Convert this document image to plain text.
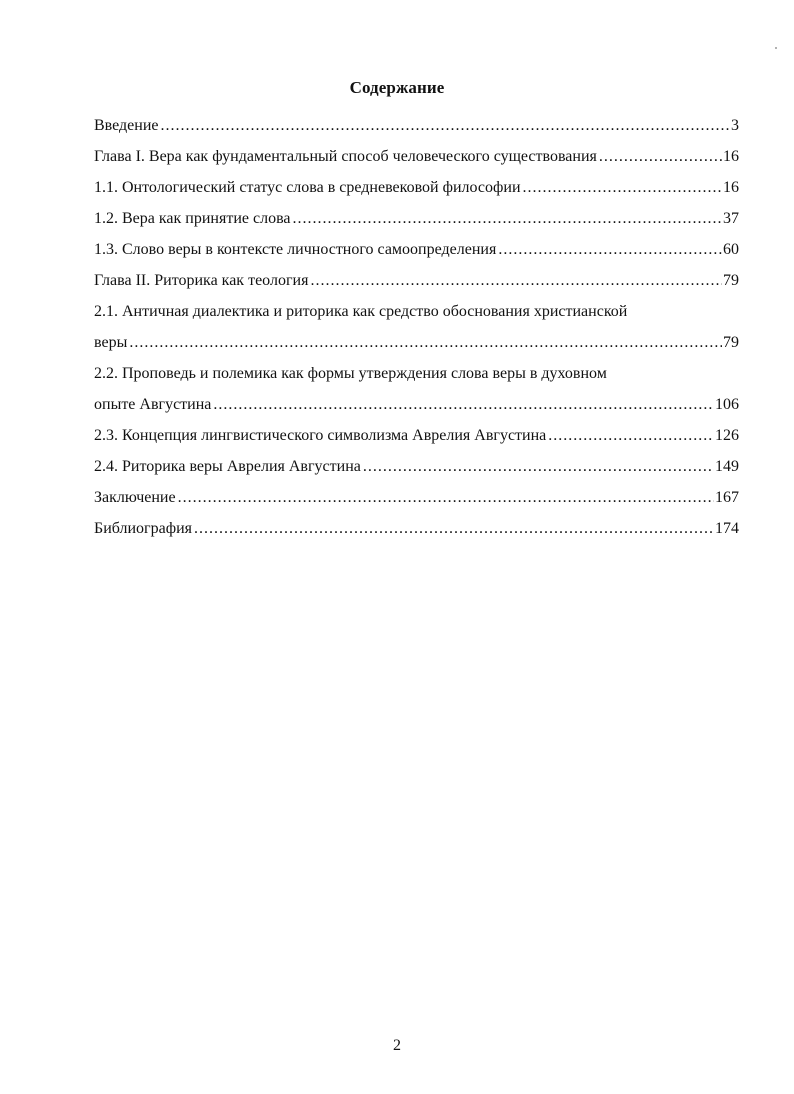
Содержание
Введение .....	3
Глава I. Вера как фундаментальный способ человеческого существования .....	16
1.1. Онтологический статус слова в средневековой философии .....	16
1.2. Вера как принятие слова .....	37
1.3. Слово веры в контексте личностного самоопределения .....	60
Глава II. Риторика как теология .....	79
2.1. Античная диалектика и риторика как средство обоснования христианской
веры .....	79
2.2. Проповедь и полемика как формы утверждения слова веры в духовном
опыте Августина .....	106
2.3. Концепция лингвистического символизма Аврелия Августина .....	126
2.4. Риторика веры Аврелия Августина .....	149
Заключение .....	167
Библиография .....	174
2
